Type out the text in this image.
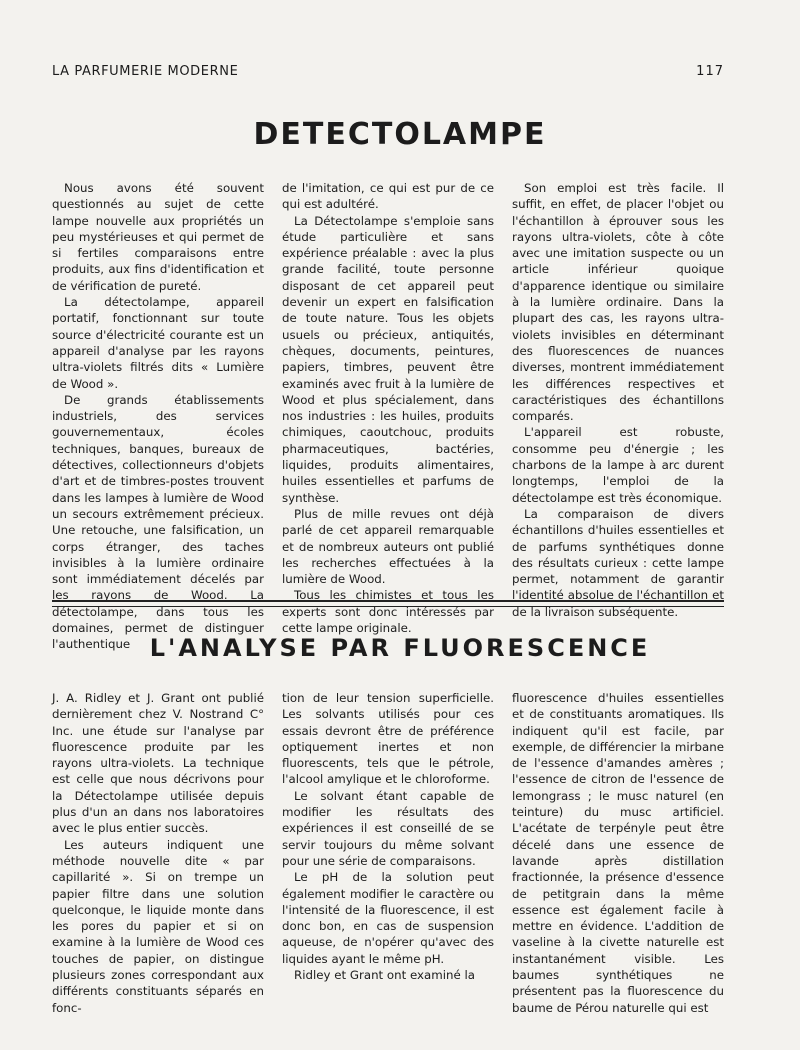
LA PARFUMERIE MODERNE	117
DETECTOLAMPE

Nous avons été souvent questionnés au sujet de cette lampe nouvelle aux propriétés un peu mystérieuses et qui permet de si fertiles comparaisons entre produits, aux fins d'identification et de vérification de pureté.

La détectolampe, appareil portatif, fonctionnant sur toute source d'électricité courante est un appareil d'analyse par les rayons ultra-violets filtrés dits « Lumière de Wood ».

De grands établissements industriels, des services gouvernementaux, écoles techniques, banques, bureaux de détectives, collectionneurs d'objets d'art et de timbres-postes trouvent dans les lampes à lumière de Wood un secours extrêmement précieux. Une retouche, une falsification, un corps étranger, des taches invisibles à la lumière ordinaire sont immédiatement décelés par les rayons de Wood. La détectolampe, dans tous les domaines, permet de distinguer l'authentique

de l'imitation, ce qui est pur de ce qui est adultéré.

La Détectolampe s'emploie sans étude particulière et sans expérience préalable : avec la plus grande facilité, toute personne disposant de cet appareil peut devenir un expert en falsification de toute nature. Tous les objets usuels ou précieux, antiquités, chèques, documents, peintures, papiers, timbres, peuvent être examinés avec fruit à la lumière de Wood et plus spécialement, dans nos industries : les huiles, produits chimiques, caoutchouc, produits pharmaceutiques, bactéries, liquides, produits alimentaires, huiles essentielles et parfums de synthèse.

Plus de mille revues ont déjà parlé de cet appareil remarquable et de nombreux auteurs ont publié les recherches effectuées à la lumière de Wood.

Tous les chimistes et tous les experts sont donc intéressés par cette lampe originale.

Son emploi est très facile. Il suffit, en effet, de placer l'objet ou l'échantillon à éprouver sous les rayons ultra-violets, côte à côte avec une imitation suspecte ou un article inférieur quoique d'apparence identique ou similaire à la lumière ordinaire. Dans la plupart des cas, les rayons ultra-violets invisibles en déterminant des fluorescences de nuances diverses, montrent immédiatement les différences respectives et caractéristiques des échantillons comparés.

L'appareil est robuste, consomme peu d'énergie ; les charbons de la lampe à arc durent longtemps, l'emploi de la détectolampe est très économique.

La comparaison de divers échantillons d'huiles essentielles et de parfums synthétiques donne des résultats curieux : cette lampe permet, notamment de garantir l'identité absolue de l'échantillon et de la livraison subséquente.

L'ANALYSE PAR FLUORESCENCE

J. A. Ridley et J. Grant ont publié dernièrement chez V. Nostrand C° Inc. une étude sur l'analyse par fluorescence produite par les rayons ultra-violets. La technique est celle que nous décrivons pour la Détectolampe utilisée depuis plus d'un an dans nos laboratoires avec le plus entier succès.

Les auteurs indiquent une méthode nouvelle dite « par capillarité ». Si on trempe un papier filtre dans une solution quelconque, le liquide monte dans les pores du papier et si on examine à la lumière de Wood ces touches de papier, on distingue plusieurs zones correspondant aux différents constituants séparés en fonc-

tion de leur tension superficielle. Les solvants utilisés pour ces essais devront être de préférence optiquement inertes et non fluorescents, tels que le pétrole, l'alcool amylique et le chloroforme.

Le solvant étant capable de modifier les résultats des expériences il est conseillé de se servir toujours du même solvant pour une série de comparaisons.

Le pH de la solution peut également modifier le caractère ou l'intensité de la fluorescence, il est donc bon, en cas de suspension aqueuse, de n'opérer qu'avec des liquides ayant le même pH.

Ridley et Grant ont examiné la

fluorescence d'huiles essentielles et de constituants aromatiques. Ils indiquent qu'il est facile, par exemple, de différencier la mirbane de l'essence d'amandes amères ; l'essence de citron de l'essence de lemongrass ; le musc naturel (en teinture) du musc artificiel. L'acétate de terpényle peut être décelé dans une essence de lavande après distillation fractionnée, la présence d'essence de petitgrain dans la même essence est également facile à mettre en évidence. L'addition de vaseline à la civette naturelle est instantanément visible. Les baumes synthétiques ne présentent pas la fluorescence du baume de Pérou naturelle qui est
